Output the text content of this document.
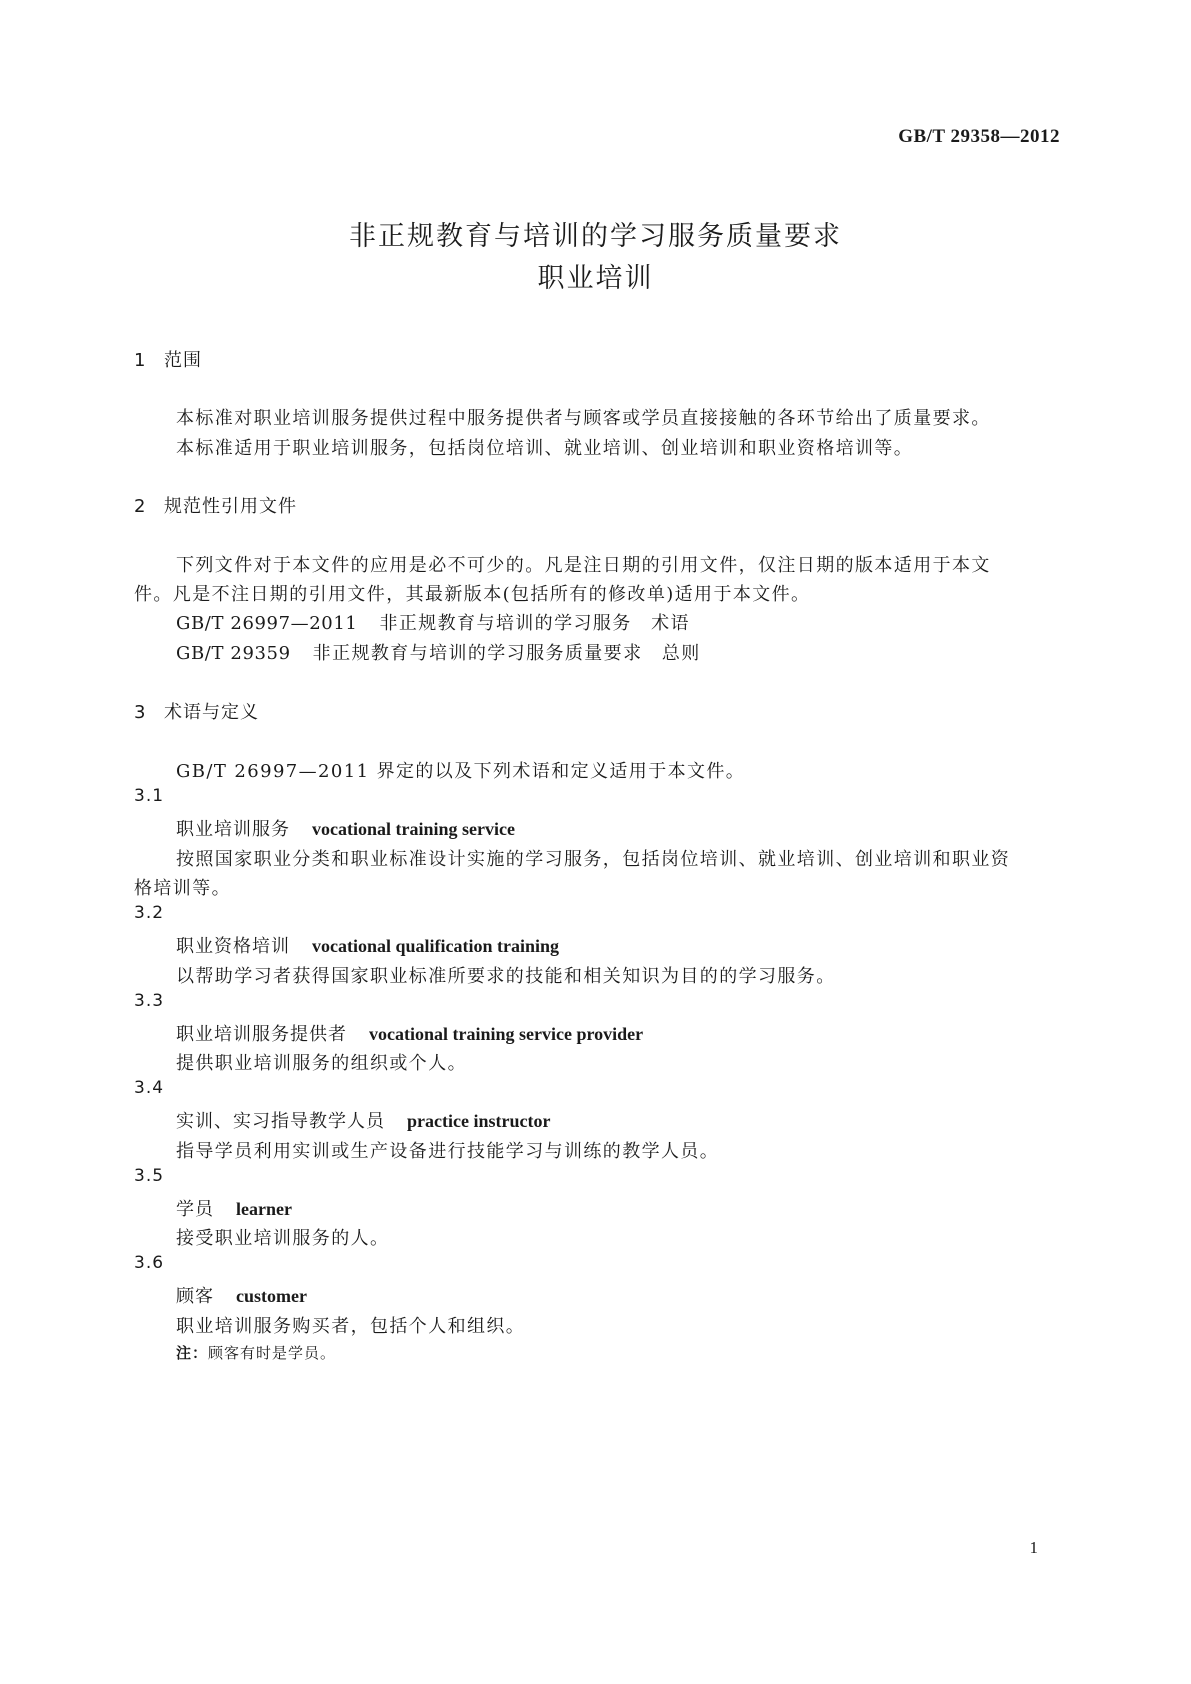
GB/T 29358—2012
非正规教育与培训的学习服务质量要求
职业培训
1 范围
本标准对职业培训服务提供过程中服务提供者与顾客或学员直接接触的各环节给出了质量要求。
本标准适用于职业培训服务，包括岗位培训、就业培训、创业培训和职业资格培训等。
2 规范性引用文件
下列文件对于本文件的应用是必不可少的。凡是注日期的引用文件，仅注日期的版本适用于本文
件。凡是不注日期的引用文件，其最新版本(包括所有的修改单)适用于本文件。
GB/T 26997—2011 非正规教育与培训的学习服务　术语
GB/T 29359 非正规教育与培训的学习服务质量要求　总则
3 术语与定义
GB/T 26997—2011 界定的以及下列术语和定义适用于本文件。
3.1
职业培训服务 vocational training service
按照国家职业分类和职业标准设计实施的学习服务，包括岗位培训、就业培训、创业培训和职业资
格培训等。
3.2
职业资格培训 vocational qualification training
以帮助学习者获得国家职业标准所要求的技能和相关知识为目的的学习服务。
3.3
职业培训服务提供者 vocational training service provider
提供职业培训服务的组织或个人。
3.4
实训、实习指导教学人员 practice instructor
指导学员利用实训或生产设备进行技能学习与训练的教学人员。
3.5
学员 learner
接受职业培训服务的人。
3.6
顾客 customer
职业培训服务购买者，包括个人和组织。
注：顾客有时是学员。
1
